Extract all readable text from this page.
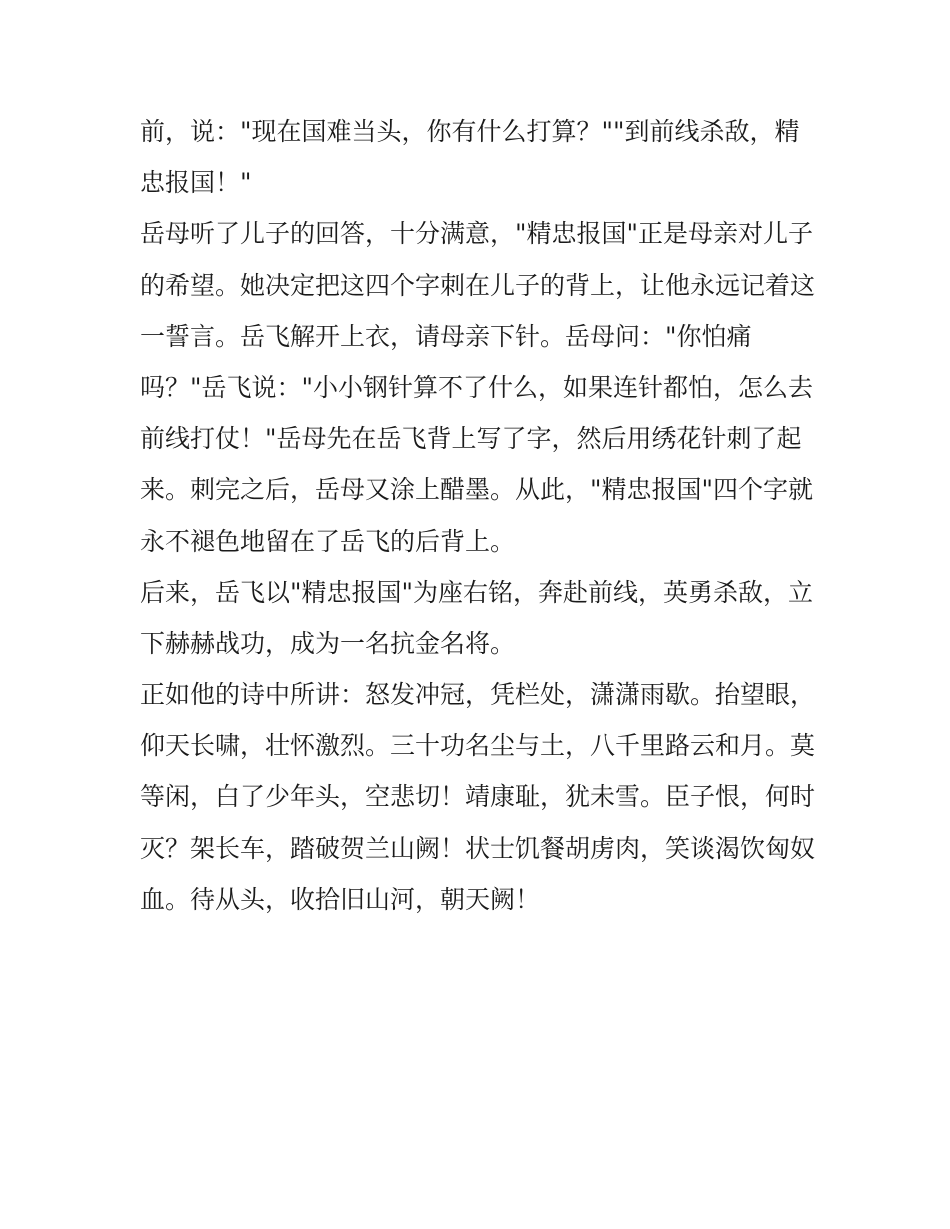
前，说："现在国难当头，你有什么打算？""到前线杀敌，精
忠报国！"

岳母听了儿子的回答，十分满意，"精忠报国"正是母亲对儿子
的希望。她决定把这四个字刺在儿子的背上，让他永远记着这
一誓言。岳飞解开上衣，请母亲下针。岳母问："你怕痛
吗？"岳飞说："小小钢针算不了什么，如果连针都怕，怎么去
前线打仗！"岳母先在岳飞背上写了字，然后用绣花针刺了起
来。刺完之后，岳母又涂上醋墨。从此，"精忠报国"四个字就
永不褪色地留在了岳飞的后背上。

后来，岳飞以"精忠报国"为座右铭，奔赴前线，英勇杀敌，立
下赫赫战功，成为一名抗金名将。

正如他的诗中所讲：怒发冲冠，凭栏处，潇潇雨歇。抬望眼，
仰天长啸，壮怀激烈。三十功名尘与土，八千里路云和月。莫
等闲，白了少年头，空悲切！靖康耻，犹未雪。臣子恨，何时
灭？架长车，踏破贺兰山阙！状士饥餐胡虏肉，笑谈渴饮匈奴
血。待从头，收拾旧山河，朝天阙！
